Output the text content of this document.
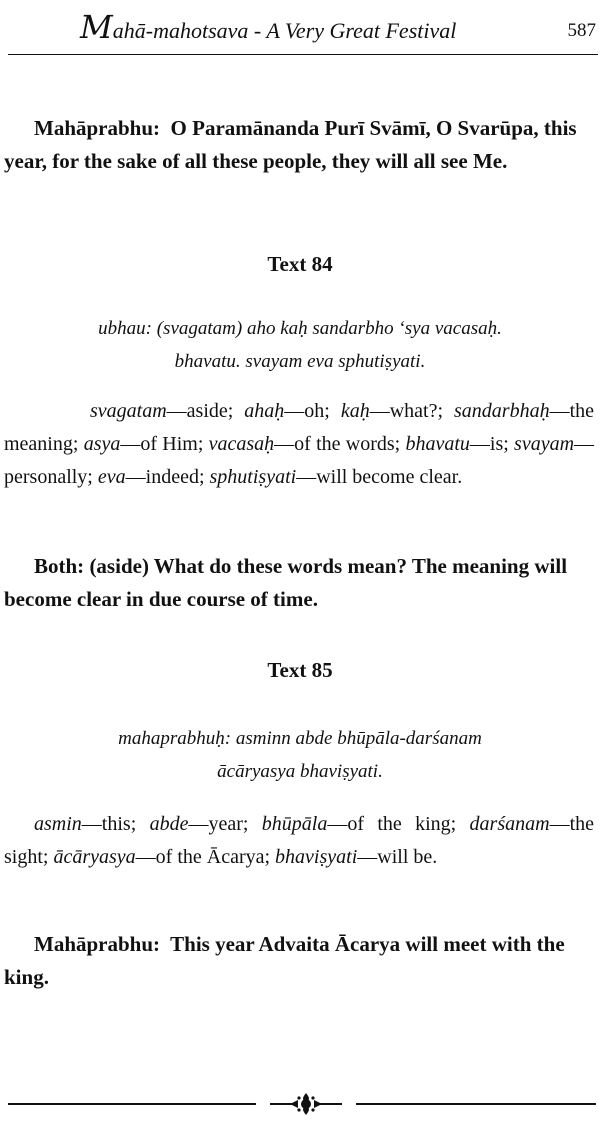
Mahā-mahotsava - A Very Great Festival	587
Mahāprabhu: O Paramānanda Purī Svāmī, O Svarūpa, this year, for the sake of all these people, they will all see Me.
Text 84
ubhau: (svagatam) aho kaḥ sandarbho ‘sya vacasaḥ.
bhavatu. svayam eva sphutiṣyati.
svagatam—aside; ahaḥ—oh; kaḥ—what?; sandarbhaḥ—the meaning; asya—of Him; vacasaḥ—of the words; bhavatu—is; svayam—personally; eva—indeed; sphutiṣyati—will become clear.
Both: (aside) What do these words mean? The meaning will become clear in due course of time.
Text 85
mahaprabhuḥ: asminn abde bhūpāla-darśanam
ācāryasya bhaviṣyati.
asmin—this; abde—year; bhūpāla—of the king; darśanam—the sight; ācāryasya—of the Ācarya; bhaviṣyati—will be.
Mahāprabhu: This year Advaita Ācarya will meet with the king.
